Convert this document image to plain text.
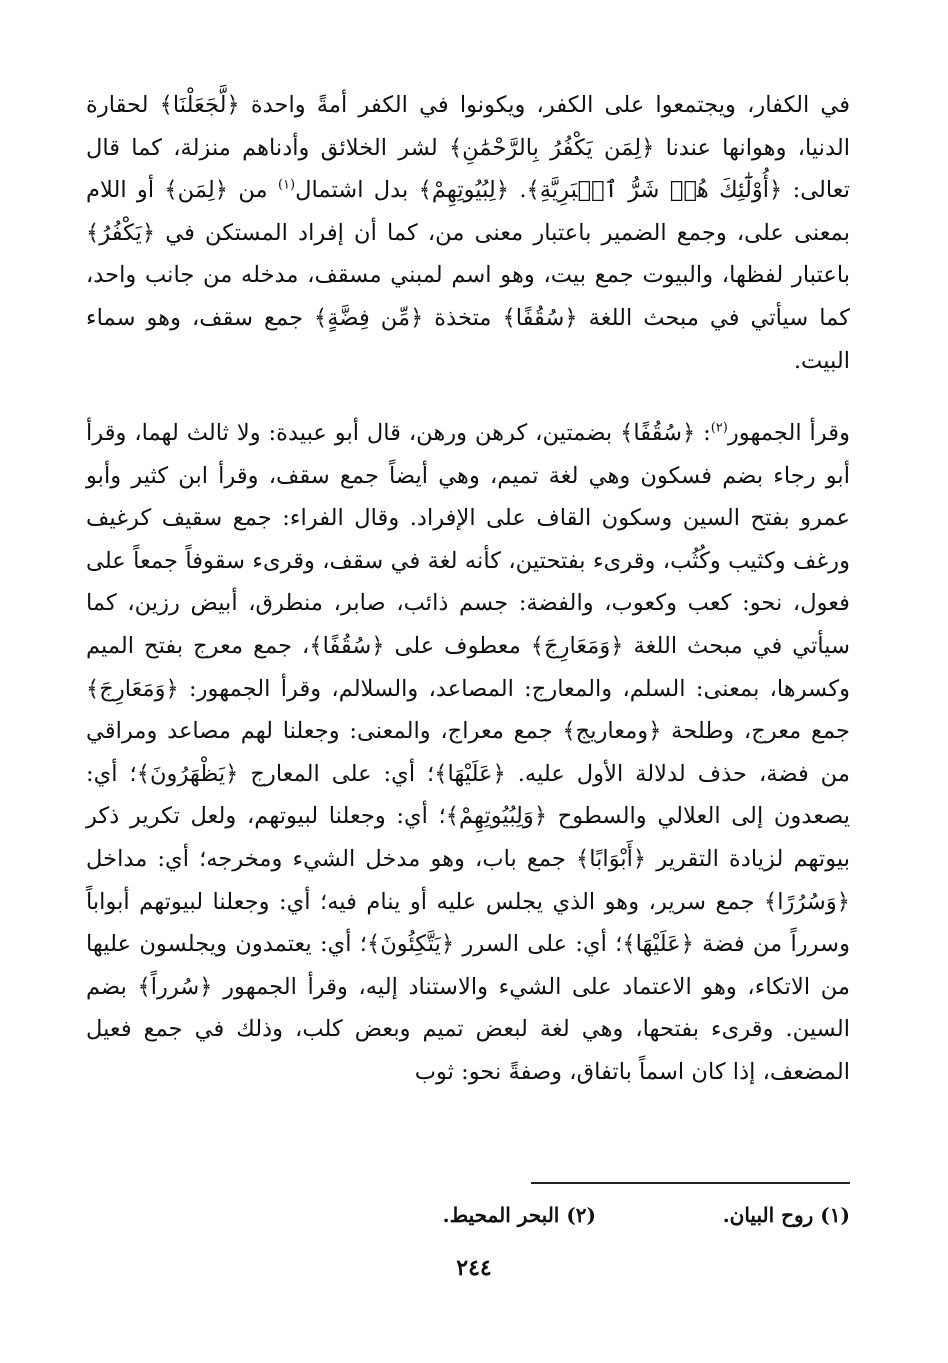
في الكفار، ويجتمعوا على الكفر، ويكونوا في الكفر أمةً واحدة ﴿لَّجَعَلْنَا﴾ لحقارة الدنيا، وهوانها عندنا ﴿لِمَن يَكْفُرُ بِالرَّحْمَٰنِ﴾ لشر الخلائق وأدناهم منزلة، كما قال تعالى: ﴿أُوْلَٰٓئِكَ هُمۡ شَرُّ ٱلۡبَرِيَّةِ﴾. ﴿لِبُيُوتِهِمْ﴾ بدل اشتمال$^{(١)}$ من ﴿لِمَن﴾ أو اللام بمعنى على، وجمع الضمير باعتبار معنى من، كما أن إفراد المستكن في ﴿يَكْفُرُ﴾ باعتبار لفظها، والبيوت جمع بيت، وهو اسم لمبني مسقف، مدخله من جانب واحد، كما سيأتي في مبحث اللغة ﴿سُقُفًا﴾ متخذة ﴿مِّن فِضَّةٍ﴾ جمع سقف، وهو سماء البيت.

وقرأ الجمهور$^{(٢)}$: ﴿سُقُفًا﴾ بضمتين، كرهن ورهن، قال أبو عبيدة: ولا ثالث لهما، وقرأ أبو رجاء بضم فسكون وهي لغة تميم، وهي أيضاً جمع سقف، وقرأ ابن كثير وأبو عمرو بفتح السين وسكون القاف على الإفراد. وقال الفراء: جمع سقيف كرغيف ورغف وكثيب وكُثُب، وقرىء بفتحتين، كأنه لغة في سقف، وقرىء سقوفاً جمعاً على فعول، نحو: كعب وكعوب، والفضة: جسم ذائب، صابر، منطرق، أبيض رزين، كما سيأتي في مبحث اللغة ﴿وَمَعَارِجَ﴾ معطوف على ﴿سُقُفًا﴾، جمع معرج بفتح الميم وكسرها، بمعنى: السلم، والمعارج: المصاعد، والسلالم، وقرأ الجمهور: ﴿وَمَعَارِجَ﴾ جمع معرج، وطلحة ﴿ومعاريج﴾ جمع معراج، والمعنى: وجعلنا لهم مصاعد ومراقي من فضة، حذف لدلالة الأول عليه. ﴿عَلَيْهَا﴾؛ أي: على المعارج ﴿يَظْهَرُونَ﴾؛ أي: يصعدون إلى العلالي والسطوح ﴿وَلِبُيُوتِهِمْ﴾؛ أي: وجعلنا لبيوتهم، ولعل تكرير ذكر بيوتهم لزيادة التقرير ﴿أَبْوَابًا﴾ جمع باب، وهو مدخل الشيء ومخرجه؛ أي: مداخل ﴿وَسُرُرًا﴾ جمع سرير، وهو الذي يجلس عليه أو ينام فيه؛ أي: وجعلنا لبيوتهم أبواباً وسرراً من فضة ﴿عَلَيْهَا﴾؛ أي: على السرر ﴿يَتَّكِئُونَ﴾؛ أي: يعتمدون ويجلسون عليها من الاتكاء، وهو الاعتماد على الشيء والاستناد إليه، وقرأ الجمهور ﴿سُرراً﴾ بضم السين. وقرىء بفتحها، وهي لغة لبعض تميم وبعض كلب، وذلك في جمع فعيل المضعف، إذا كان اسماً باتفاق، وصفةً نحو: ثوب

(١) روح البيان.
(٢) البحر المحيط.
٢٤٤
